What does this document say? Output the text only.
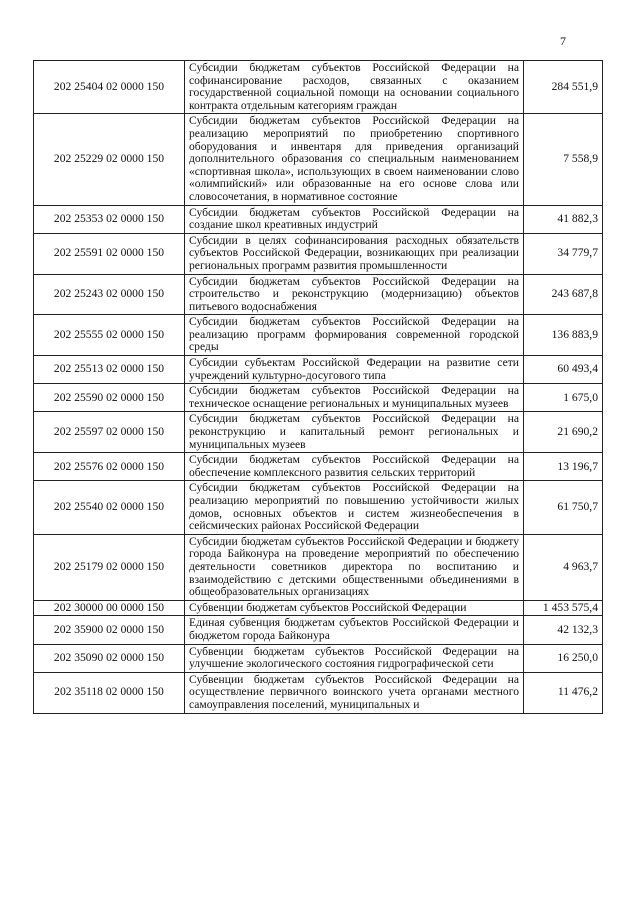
7
202 25404 02 0000 150	Субсидии бюджетам субъектов Российской Федерации на софинансирование расходов, связанных с оказанием государственной социальной помощи на основании социального контракта отдельным категориям граждан	284 551,9
202 25229 02 0000 150	Субсидии бюджетам субъектов Российской Федерации на реализацию мероприятий по приобретению спортивного оборудования и инвентаря для приведения организаций дополнительного образования со специальным наименованием «спортивная школа», использующих в своем наименовании слово «олимпийский» или образованные на его основе слова или словосочетания, в нормативное состояние	7 558,9
202 25353 02 0000 150	Субсидии бюджетам субъектов Российской Федерации на создание школ креативных индустрий	41 882,3
202 25591 02 0000 150	Субсидии в целях софинансирования расходных обязательств субъектов Российской Федерации, возникающих при реализации региональных программ развития промышленности	34 779,7
202 25243 02 0000 150	Субсидии бюджетам субъектов Российской Федерации на строительство и реконструкцию (модернизацию) объектов питьевого водоснабжения	243 687,8
202 25555 02 0000 150	Субсидии бюджетам субъектов Российской Федерации на реализацию программ формирования современной городской среды	136 883,9
202 25513 02 0000 150	Субсидии субъектам Российской Федерации на развитие сети учреждений культурно-досугового типа	60 493,4
202 25590 02 0000 150	Субсидии бюджетам субъектов Российской Федерации на техническое оснащение региональных и муниципальных музеев	1 675,0
202 25597 02 0000 150	Субсидии бюджетам субъектов Российской Федерации на реконструкцию и капитальный ремонт региональных и муниципальных музеев	21 690,2
202 25576 02 0000 150	Субсидии бюджетам субъектов Российской Федерации на обеспечение комплексного развития сельских территорий	13 196,7
202 25540 02 0000 150	Субсидии бюджетам субъектов Российской Федерации на реализацию мероприятий по повышению устойчивости жилых домов, основных объектов и систем жизнеобеспечения в сейсмических районах Российской Федерации	61 750,7
202 25179 02 0000 150	Субсидии бюджетам субъектов Российской Федерации и бюджету города Байконура на проведение мероприятий по обеспечению деятельности советников директора по воспитанию и взаимодействию с детскими общественными объединениями в общеобразовательных организациях	4 963,7
202 30000 00 0000 150	Субвенции бюджетам субъектов Российской Федерации	1 453 575,4
202 35900 02 0000 150	Единая субвенция бюджетам субъектов Российской Федерации и бюджетом города Байконура	42 132,3
202 35090 02 0000 150	Субвенции бюджетам субъектов Российской Федерации на улучшение экологического состояния гидрографической сети	16 250,0
202 35118 02 0000 150	Субвенции бюджетам субъектов Российской Федерации на осуществление первичного воинского учета органами местного самоуправления поселений, муниципальных и	11 476,2
